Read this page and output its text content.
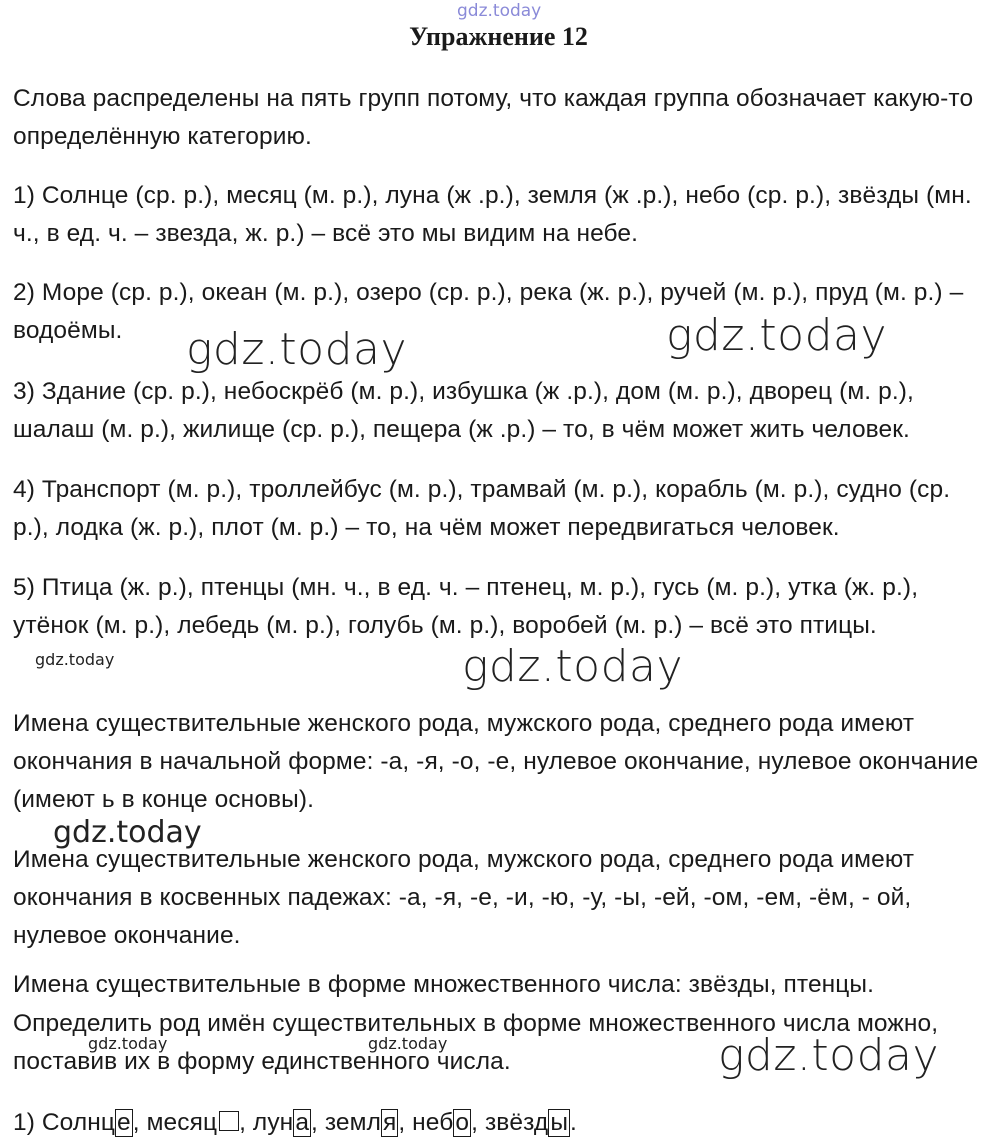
gdz.today
Упражнение 12
Слова распределены на пять групп потому, что каждая группа обозначает какую-то определённую категорию.
1) Солнце (ср. р.), месяц (м. р.), луна (ж .р.), земля (ж .р.), небо (ср. р.), звёзды (мн. ч., в ед. ч. – звезда, ж. р.) – всё это мы видим на небе.
2) Море (ср. р.), океан (м. р.), озеро (ср. р.), река (ж. р.), ручей (м. р.), пруд (м. р.) – водоёмы.
3) Здание (ср. р.), небоскрёб (м. р.), избушка (ж .р.), дом (м. р.), дворец (м. р.), шалаш (м. р.), жилище (ср. р.), пещера (ж .р.) – то, в чём может жить человек.
4) Транспорт (м. р.), троллейбус (м. р.), трамвай (м. р.), корабль (м. р.), судно (ср. р.), лодка (ж. р.), плот (м. р.) – то, на чём может передвигаться человек.
5) Птица (ж. р.), птенцы (мн. ч., в ед. ч. – птенец, м. р.), гусь (м. р.), утка (ж. р.), утёнок (м. р.), лебедь (м. р.), голубь (м. р.), воробей (м. р.) – всё это птицы.
Имена существительные женского рода, мужского рода, среднего рода имеют окончания в начальной форме: -а, -я, -о, -е, нулевое окончание, нулевое окончание (имеют ь в конце основы).
Имена существительные женского рода, мужского рода, среднего рода имеют окончания в косвенных падежах: -а, -я, -е, -и, -ю, -у, -ы, -ей, -ом, -ем, -ём, - ой, нулевое окончание.
Имена существительные в форме множественного числа: звёзды, птенцы.
Определить род имён существительных в форме множественного числа можно, поставив их в форму единственного числа.
1) Солнце, месяц , луна, земля, небо, звёзды.
gdz.today	gdz.today
gdz.today
gdz.today
gdz.today
gdz.today	gdz.today	gdz.today
